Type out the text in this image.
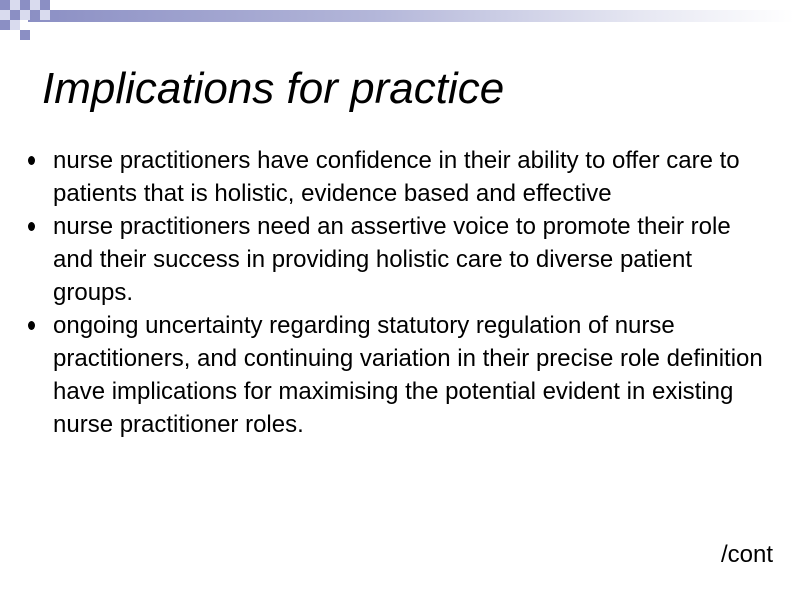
Implications for practice
nurse practitioners have confidence in their ability to offer care to patients that is holistic, evidence based and effective
nurse practitioners need an assertive voice to promote their role and their success in providing holistic care to diverse patient groups.
ongoing uncertainty regarding statutory regulation of nurse practitioners, and continuing variation in their precise role definition have implications for maximising the potential evident in existing nurse practitioner roles.
/cont
